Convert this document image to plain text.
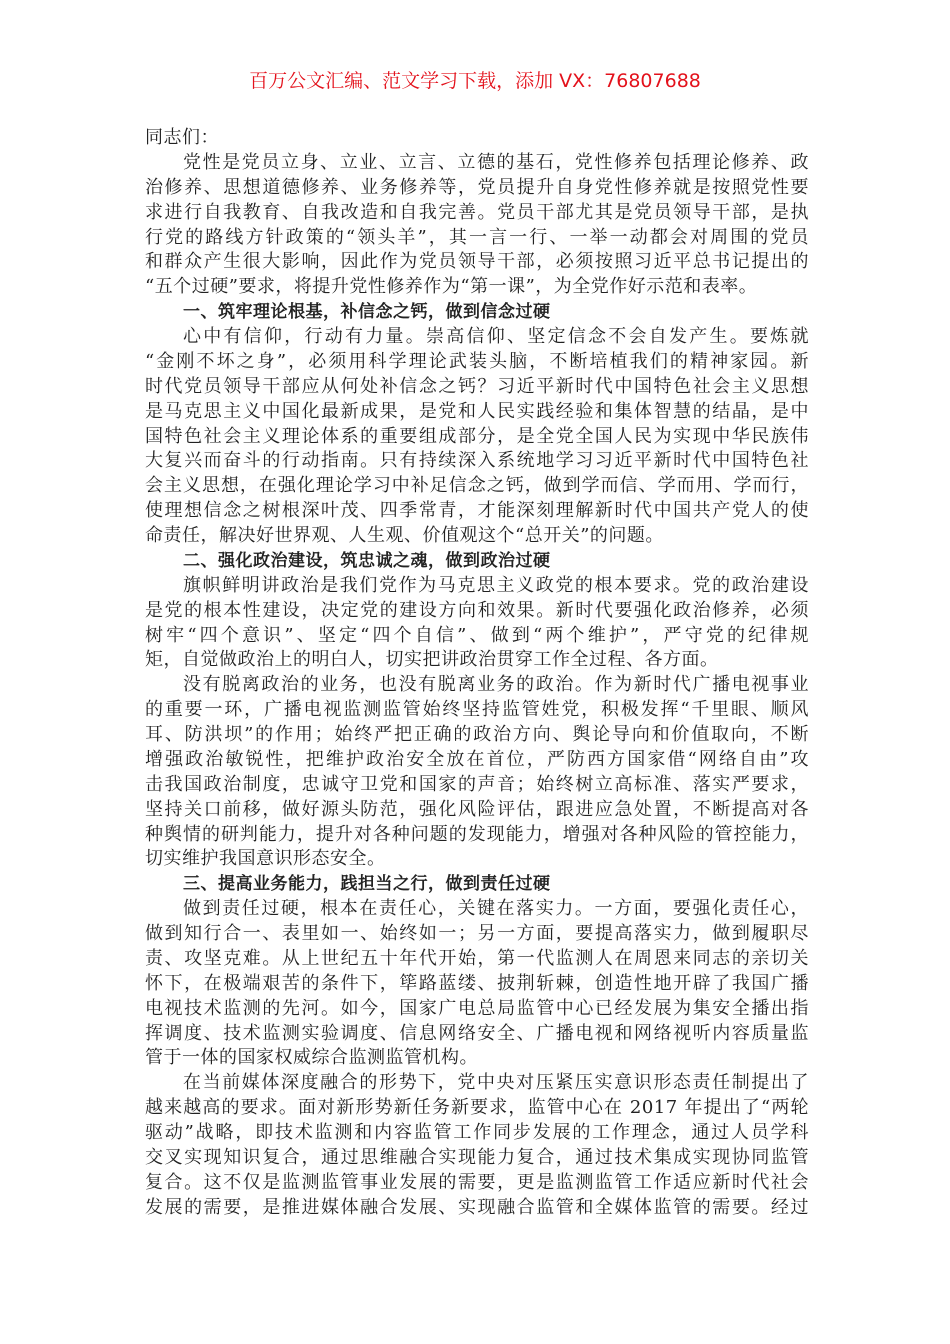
百万公文汇编、范文学习下载，添加 VX：76807688
同志们：
党性是党员立身、立业、立言、立德的基石，党性修养包括理论修养、政
治修养、思想道德修养、业务修养等，党员提升自身党性修养就是按照党性要
求进行自我教育、自我改造和自我完善。党员干部尤其是党员领导干部，是执
行党的路线方针政策的“领头羊”，其一言一行、一举一动都会对周围的党员
和群众产生很大影响，因此作为党员领导干部，必须按照习近平总书记提出的
“五个过硬”要求，将提升党性修养作为“第一课”，为全党作好示范和表率。
一、筑牢理论根基，补信念之钙，做到信念过硬
心中有信仰，行动有力量。崇高信仰、坚定信念不会自发产生。要炼就
“金刚不坏之身”，必须用科学理论武装头脑，不断培植我们的精神家园。新
时代党员领导干部应从何处补信念之钙？习近平新时代中国特色社会主义思想
是马克思主义中国化最新成果，是党和人民实践经验和集体智慧的结晶，是中
国特色社会主义理论体系的重要组成部分，是全党全国人民为实现中华民族伟
大复兴而奋斗的行动指南。只有持续深入系统地学习习近平新时代中国特色社
会主义思想，在强化理论学习中补足信念之钙，做到学而信、学而用、学而行，
使理想信念之树根深叶茂、四季常青，才能深刻理解新时代中国共产党人的使
命责任，解决好世界观、人生观、价值观这个“总开关”的问题。
二、强化政治建设，筑忠诚之魂，做到政治过硬
旗帜鲜明讲政治是我们党作为马克思主义政党的根本要求。党的政治建设
是党的根本性建设，决定党的建设方向和效果。新时代要强化政治修养，必须
树牢“四个意识”、坚定“四个自信”、做到“两个维护”，严守党的纪律规
矩，自觉做政治上的明白人，切实把讲政治贯穿工作全过程、各方面。
没有脱离政治的业务，也没有脱离业务的政治。作为新时代广播电视事业
的重要一环，广播电视监测监管始终坚持监管姓党，积极发挥“千里眼、顺风
耳、防洪坝”的作用；始终严把正确的政治方向、舆论导向和价值取向，不断
增强政治敏锐性，把维护政治安全放在首位，严防西方国家借“网络自由”攻
击我国政治制度，忠诚守卫党和国家的声音；始终树立高标准、落实严要求，
坚持关口前移，做好源头防范，强化风险评估，跟进应急处置，不断提高对各
种舆情的研判能力，提升对各种问题的发现能力，增强对各种风险的管控能力，
切实维护我国意识形态安全。
三、提高业务能力，践担当之行，做到责任过硬
做到责任过硬，根本在责任心，关键在落实力。一方面，要强化责任心，
做到知行合一、表里如一、始终如一；另一方面，要提高落实力，做到履职尽
责、攻坚克难。从上世纪五十年代开始，第一代监测人在周恩来同志的亲切关
怀下，在极端艰苦的条件下，筚路蓝缕、披荆斩棘，创造性地开辟了我国广播
电视技术监测的先河。如今，国家广电总局监管中心已经发展为集安全播出指
挥调度、技术监测实验调度、信息网络安全、广播电视和网络视听内容质量监
管于一体的国家权威综合监测监管机构。
在当前媒体深度融合的形势下，党中央对压紧压实意识形态责任制提出了
越来越高的要求。面对新形势新任务新要求，监管中心在 2017 年提出了“两轮
驱动”战略，即技术监测和内容监管工作同步发展的工作理念，通过人员学科
交叉实现知识复合，通过思维融合实现能力复合，通过技术集成实现协同监管
复合。这不仅是监测监管事业发展的需要，更是监测监管工作适应新时代社会
发展的需要，是推进媒体融合发展、实现融合监管和全媒体监管的需要。经过
